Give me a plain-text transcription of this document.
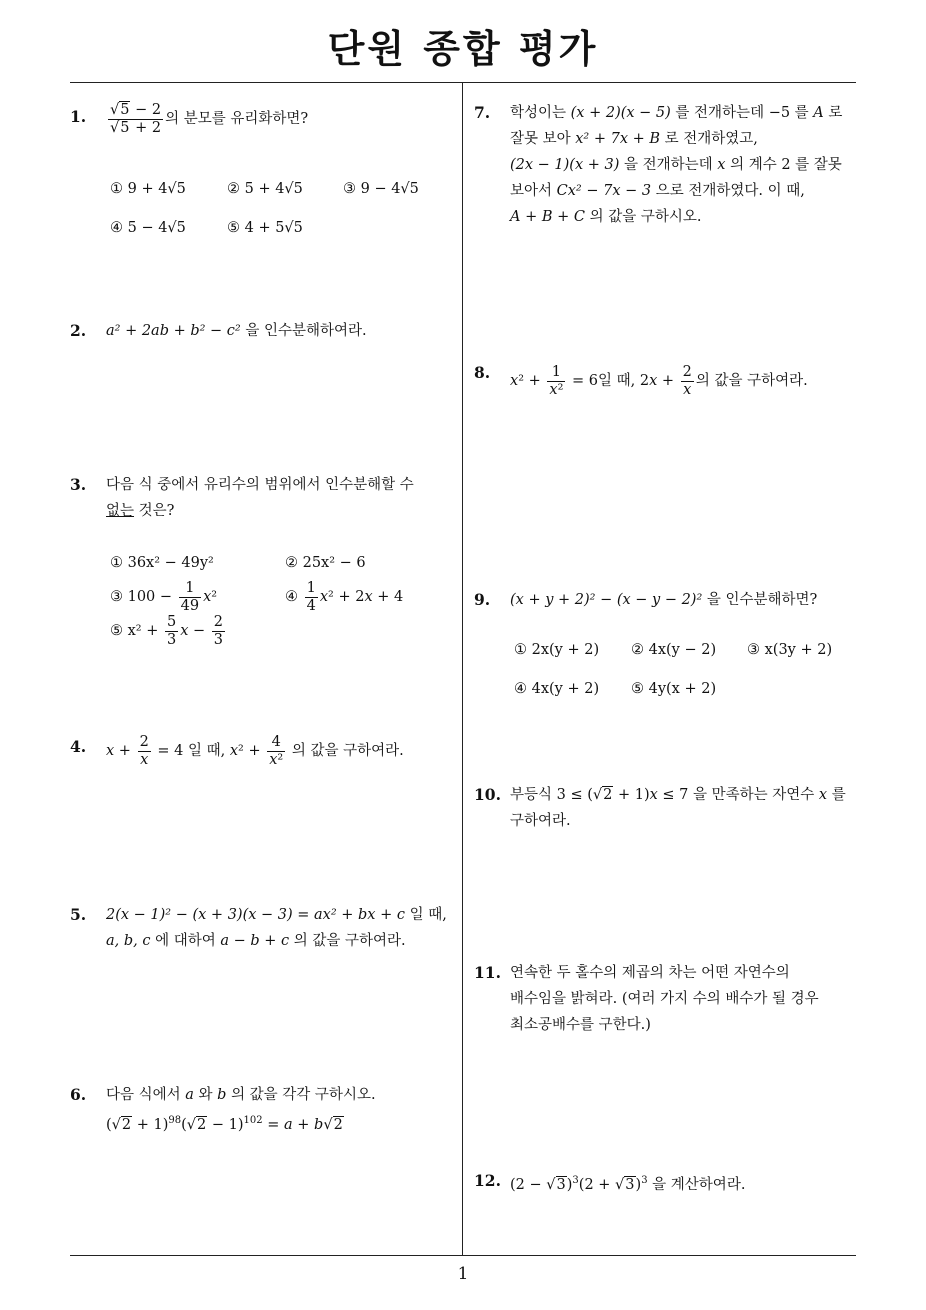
단원 종합 평가
1
1. $\frac{√5 - 2}{√5 + 2}$ 의 분모를 유리화하면?
① 9 + 4√5	② 5 + 4√5	③ 9 − 4√5
④ 5 − 4√5	⑤ 4 + 5√5
2. a² + 2ab + b² − c² 을 인수분해하여라.
3. 다음 식 중에서 유리수의 범위에서 인수분해할 수
없는 것은?
① 36x² − 49y²	② 25x² − 6
③ $100 - \frac{1}{49} x^2$	④ $\frac{1}{4} x^2 + 2x + 4$
⑤ $x^2 + \frac{5}{3}$ $x - \frac{2}{3}$
4. $x + \frac{2}{x} = 4$ 일 때, $x^2 + \frac{4}{\text{x²}}$ 의 값을 구하여라.
5. 2(x − 1)² − (x + 3)(x − 3) = ax² + bx + c 일 때,
a, b, c 에 대하여 a − b + c 의 값을 구하여라.
6. 다음 식에서 a 와 b 의 값을 각각 구하시오.
$(√2 + 1)^{98}(√2 - 1)^{102} = a + b√2$
7. 학성이는 (x + 2)(x − 5) 를 전개하는데 −5 를 A 로
잘못 보아 x² + 7x + B 로 전개하였고,
(2x − 1)(x + 3) 을 전개하는데 x 의 계수 2 를 잘못
보아서 Cx² − 7x − 3 으로 전개하였다. 이 때,
A + B + C 의 값을 구하시오.
8. $x^2 + \frac{1}{\text{x²}} = 6$일 때, $2x + \frac{2}{x}$ 의 값을 구하여라.
9. (x + y + 2)² − (x − y − 2)² 을 인수분해하면?
① 2x(y + 2) ② 4x(y − 2) ③ x(3y + 2)
④ 4x(y + 2) ⑤ 4y(x + 2)
10. 부등식 3 ≤ (√2 + 1)x ≤ 7 을 만족하는 자연수 x 를
구하여라.
11. 연속한 두 홀수의 제곱의 차는 어떤 자연수의
배수임을 밝혀라. (여러 가지 수의 배수가 될 경우
최소공배수를 구한다.)
12. $(2 - √3)^3(2 + √3)^3$ 을 계산하여라.
